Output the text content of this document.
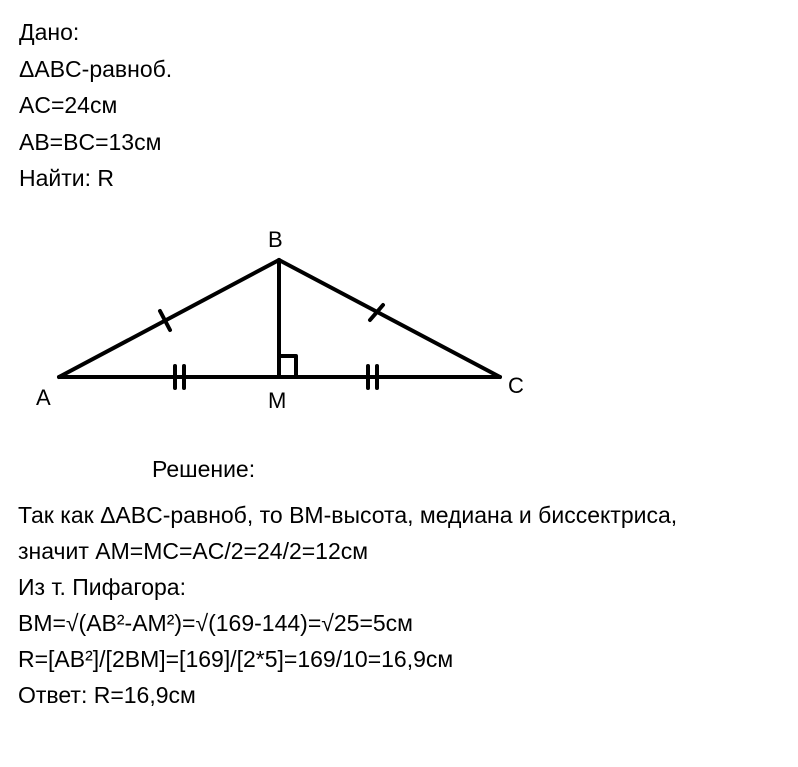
Дано:
ΔABC-равноб.
AC=24см
AB=BC=13см
Найти: R
B
A	M
C
Решение:
Так как ΔABC-равноб, то BM-высота, медиана и биссектриса,
значит AM=MC=AC/2=24/2=12см
Из т. Пифагора:
BM=√(AB²-AM²)=√(169-144)=√25=5см
R=[AB²]/[2BM]=[169]/[2*5]=169/10=16,9см
Ответ: R=16,9см
